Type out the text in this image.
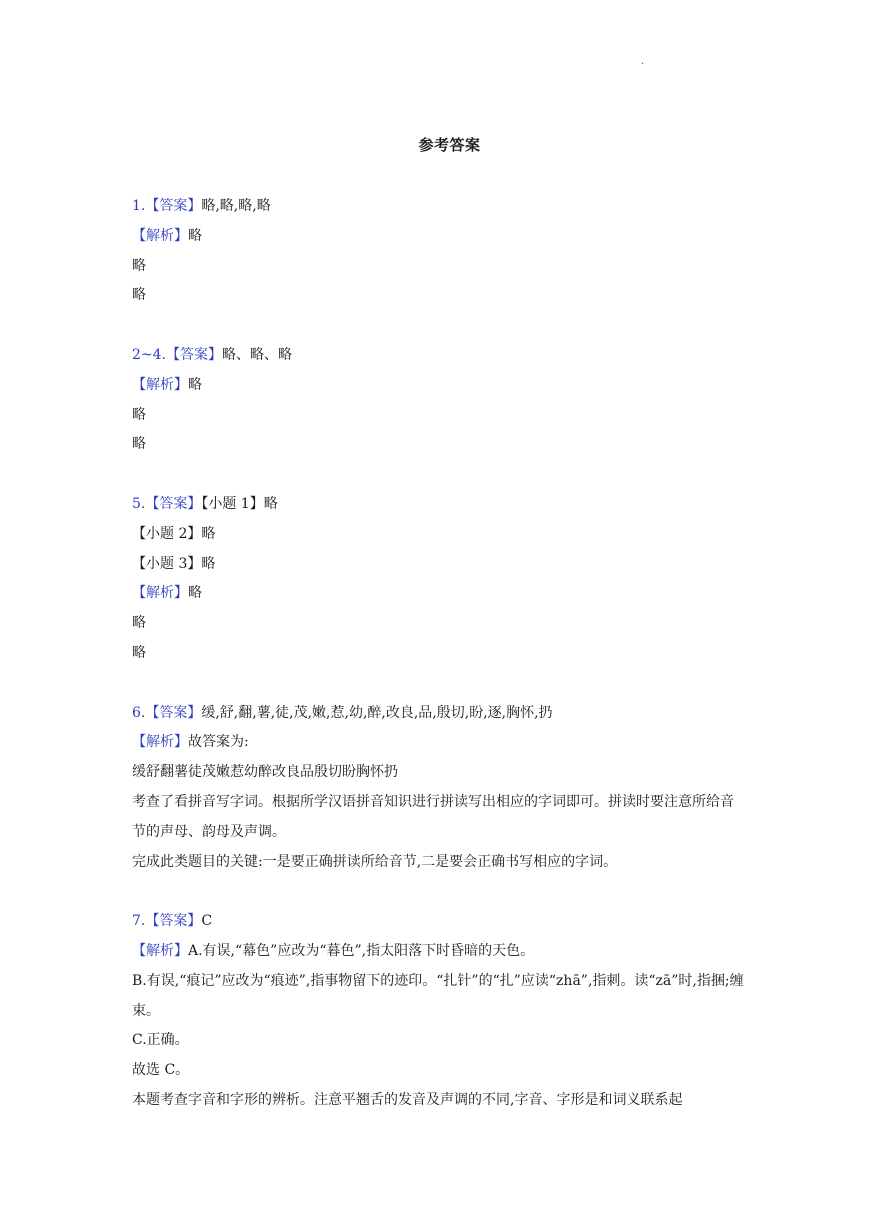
.
参考答案
1.【答案】略,略,略,略
【解析】略
略
略
2~4.【答案】略、略、略
【解析】略
略
略
5.【答案】【小题 1】略
【小题 2】略
【小题 3】略
【解析】略
略
略
6.【答案】缓,舒,翻,薯,徒,茂,嫩,惹,幼,醉,改良,品,殷切,盼,逐,胸怀,扔
【解析】故答案为:
缓舒翻薯徒茂嫩惹幼醉改良品殷切盼胸怀扔
考查了看拼音写字词。根据所学汉语拼音知识进行拼读写出相应的字词即可。拼读时要注意所给音节的声母、韵母及声调。
完成此类题目的关键:一是要正确拼读所给音节,二是要会正确书写相应的字词。
7.【答案】C
【解析】A.有误,“幕色”应改为“暮色”,指太阳落下时昏暗的天色。
B.有误,“痕记”应改为“痕迹”,指事物留下的迹印。“扎针”的“扎”应读“zhā”,指刺。读“zā”时,指捆;缠束。
C.正确。
故选 C。
本题考查字音和字形的辨析。注意平翘舌的发音及声调的不同,字音、字形是和词义联系起
